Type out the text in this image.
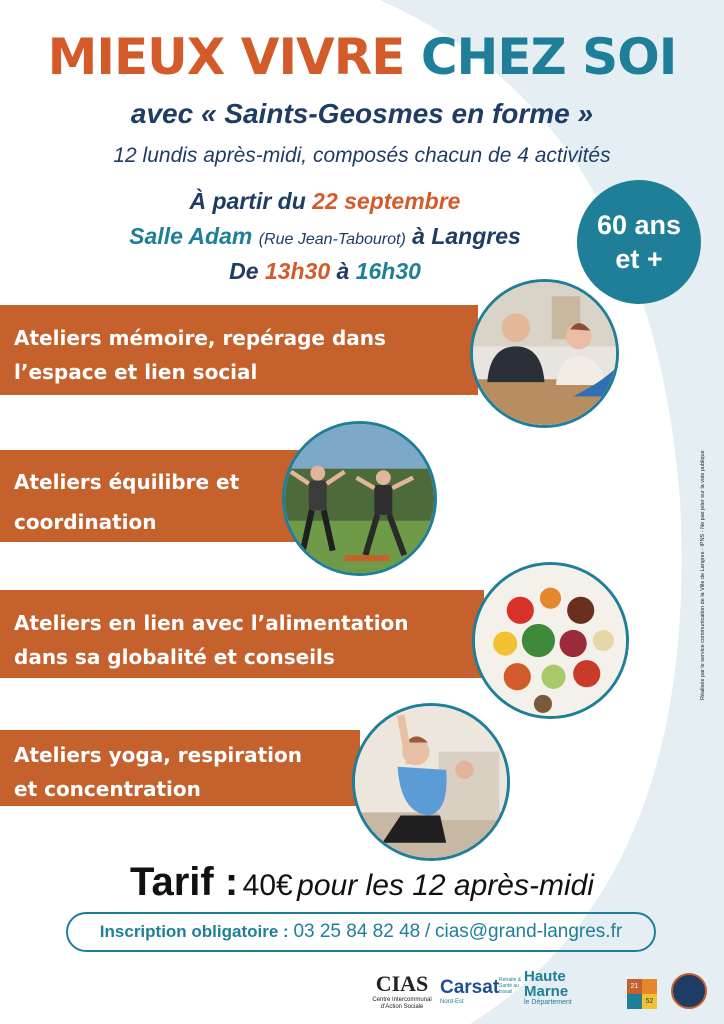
MIEUX VIVRE CHEZ SOI
avec « Saints-Geosmes en forme »
12 lundis après-midi, composés chacun de 4 activités
À partir du 22 septembre
Salle Adam (Rue Jean-Tabourot) à Langres
De 13h30 à 16h30
60 ans
et +
Ateliers mémoire, repérage dans
l’espace et lien social
Ateliers équilibre et
coordination
Ateliers en lien avec l’alimentation
dans sa globalité et conseils
Ateliers yoga, respiration
et concentration
Tarif : 40€ pour les 12 après-midi
Inscription obligatoire : 03 25 84 82 48 / cias@grand-langres.fr
CIAS
Centre Intercommunal
d’Action Sociale
Carsat Retraite & Santé au travail
Nord-Est
Haute
Marne
le Département
21
52
Réalisée par le service communication de la Ville de Langres - IPNS - Ne pas jeter sur la voie publique
